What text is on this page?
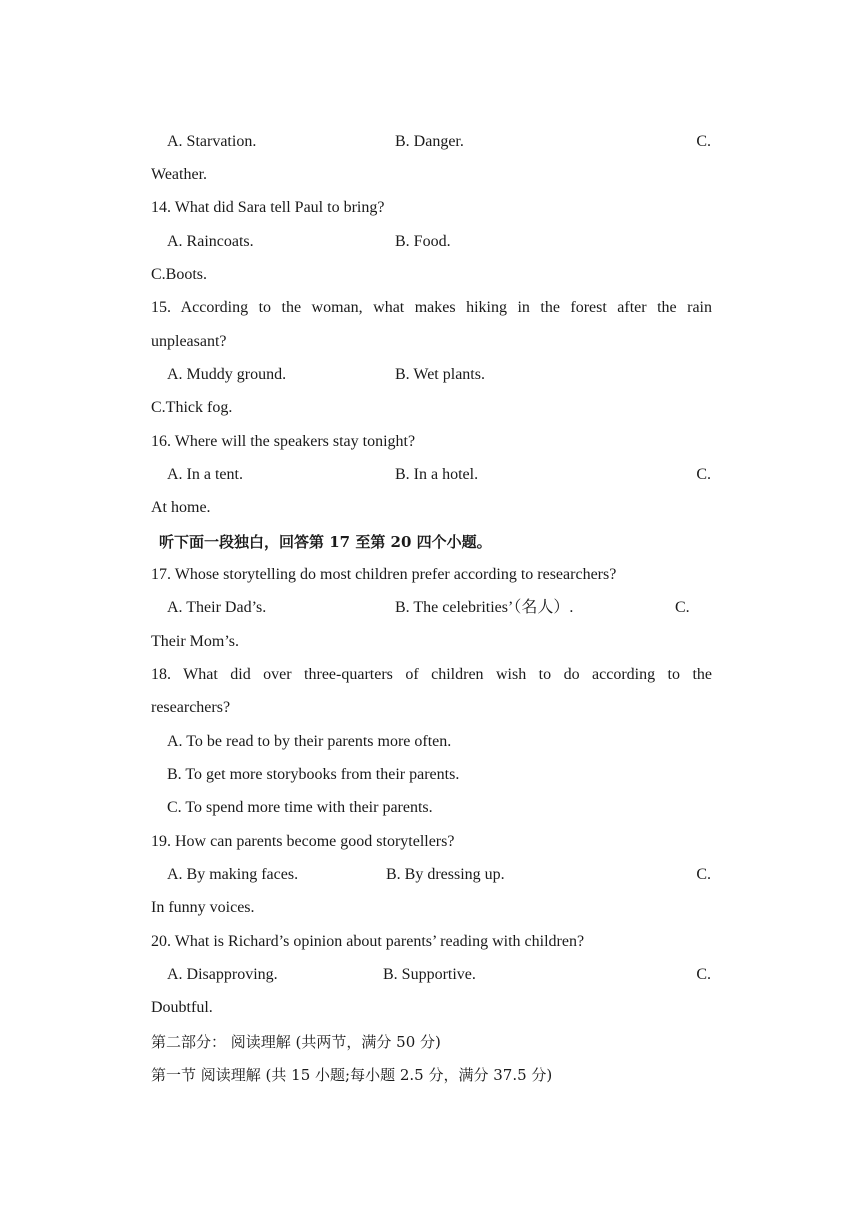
A. Starvation.	B. Danger.	C.
Weather.
14. What did Sara tell Paul to bring?
A. Raincoats.	B. Food.
C.Boots.
15. According to the woman, what makes hiking in the forest after the rain
unpleasant?
A. Muddy ground.	B. Wet plants.
C.Thick fog.
16. Where will the speakers stay tonight?
A. In a tent.	B. In a hotel.	C.
At home.
听下面一段独白，回答第 17 至第 20 四个小题。
17. Whose storytelling do most children prefer according to researchers?
A. Their Dad’s.	B. The celebrities’（名人）.	C.
Their Mom’s.
18. What did over three-quarters of children wish to do according to the
researchers?
A. To be read to by their parents more often.
B. To get more storybooks from their parents.
C. To spend more time with their parents.
19. How can parents become good storytellers?
A. By making faces.	B. By dressing up.	C.
In funny voices.
20. What is Richard’s opinion about parents’ reading with children?
A. Disapproving.	B. Supportive.	C.
Doubtful.
第二部分： 阅读理解 (共两节，满分 50 分)
第一节 阅读理解 (共 15 小题;每小题 2.5 分，满分 37.5 分)
